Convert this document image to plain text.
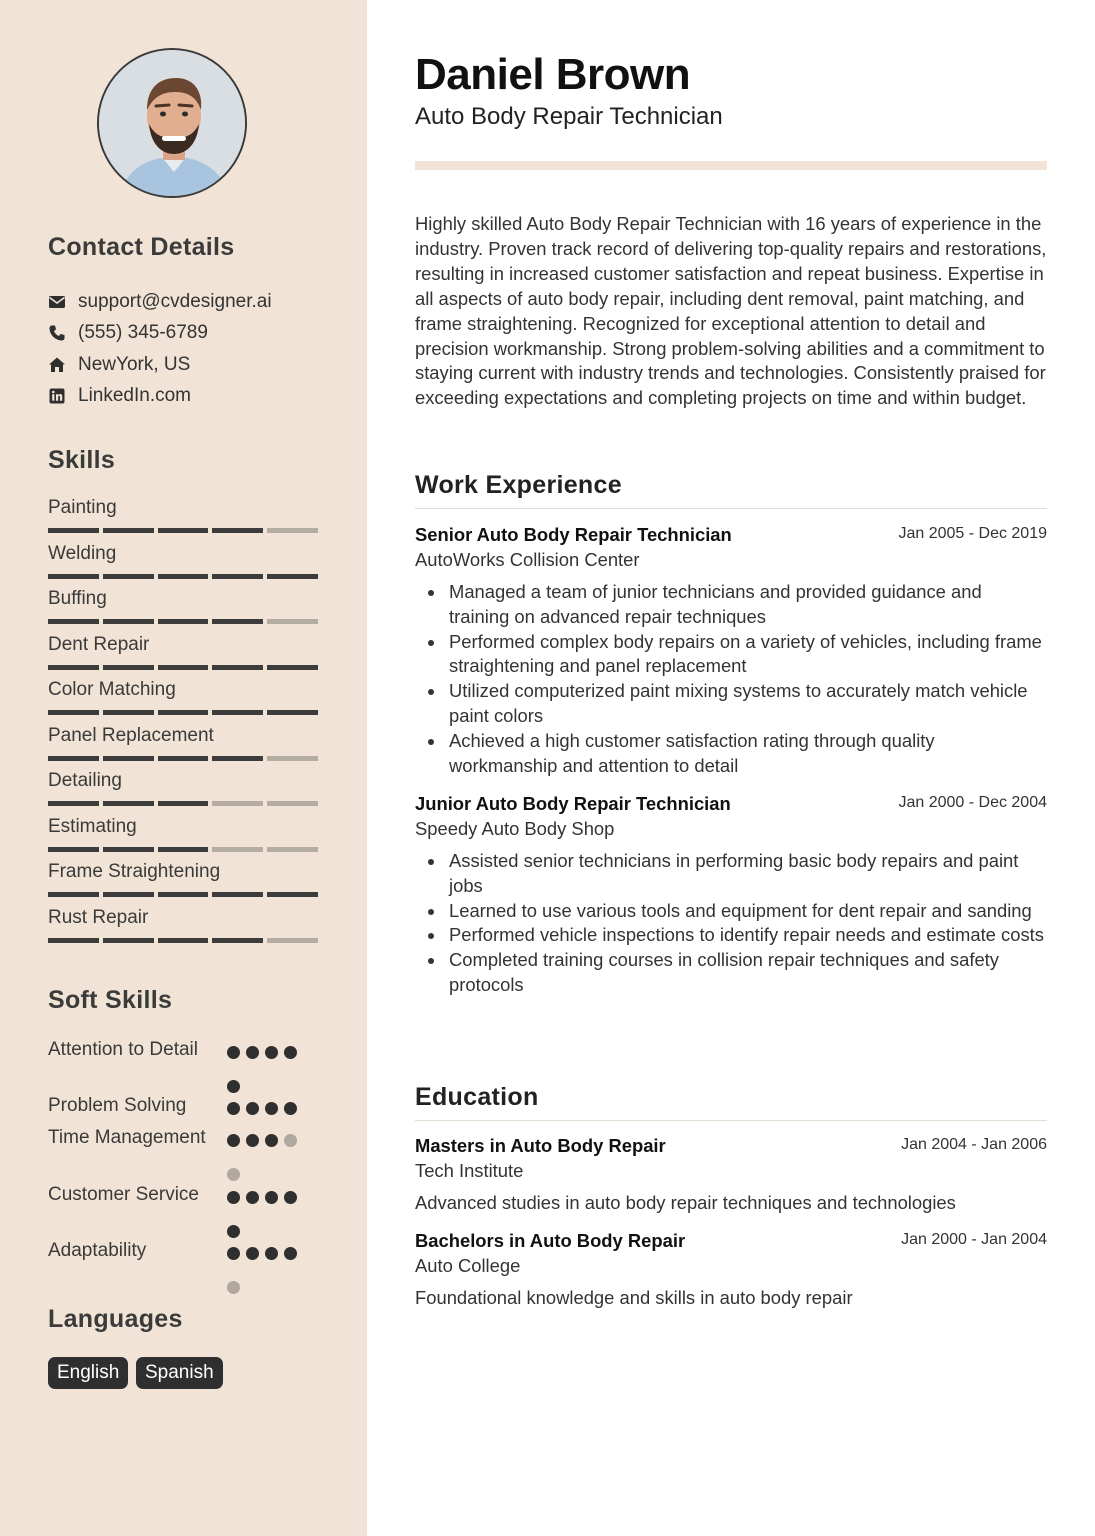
Contact Details
support@cvdesigner.ai
(555) 345-6789
NewYork, US
LinkedIn.com
Skills
Painting
Welding
Buffing
Dent Repair
Color Matching
Panel Replacement
Detailing
Estimating
Frame Straightening
Rust Repair
Soft Skills
Attention to Detail
Problem Solving
Time Management
Customer Service
Adaptability
Languages
English	Spanish
Daniel Brown
Auto Body Repair Technician
Highly skilled Auto Body Repair Technician with 16 years of experience in the industry. Proven track record of delivering top-quality repairs and restorations, resulting in increased customer satisfaction and repeat business. Expertise in all aspects of auto body repair, including dent removal, paint matching, and frame straightening. Recognized for exceptional attention to detail and precision workmanship. Strong problem-solving abilities and a commitment to staying current with industry trends and technologies. Consistently praised for exceeding expectations and completing projects on time and within budget.
Work Experience
Senior Auto Body Repair Technician	Jan 2005 - Dec 2019
AutoWorks Collision Center
Managed a team of junior technicians and provided guidance and training on advanced repair techniques
Performed complex body repairs on a variety of vehicles, including frame straightening and panel replacement
Utilized computerized paint mixing systems to accurately match vehicle paint colors
Achieved a high customer satisfaction rating through quality workmanship and attention to detail
Junior Auto Body Repair Technician	Jan 2000 - Dec 2004
Speedy Auto Body Shop
Assisted senior technicians in performing basic body repairs and paint jobs
Learned to use various tools and equipment for dent repair and sanding
Performed vehicle inspections to identify repair needs and estimate costs
Completed training courses in collision repair techniques and safety protocols
Education
Masters in Auto Body Repair	Jan 2004 - Jan 2006
Tech Institute
Advanced studies in auto body repair techniques and technologies
Bachelors in Auto Body Repair	Jan 2000 - Jan 2004
Auto College
Foundational knowledge and skills in auto body repair
